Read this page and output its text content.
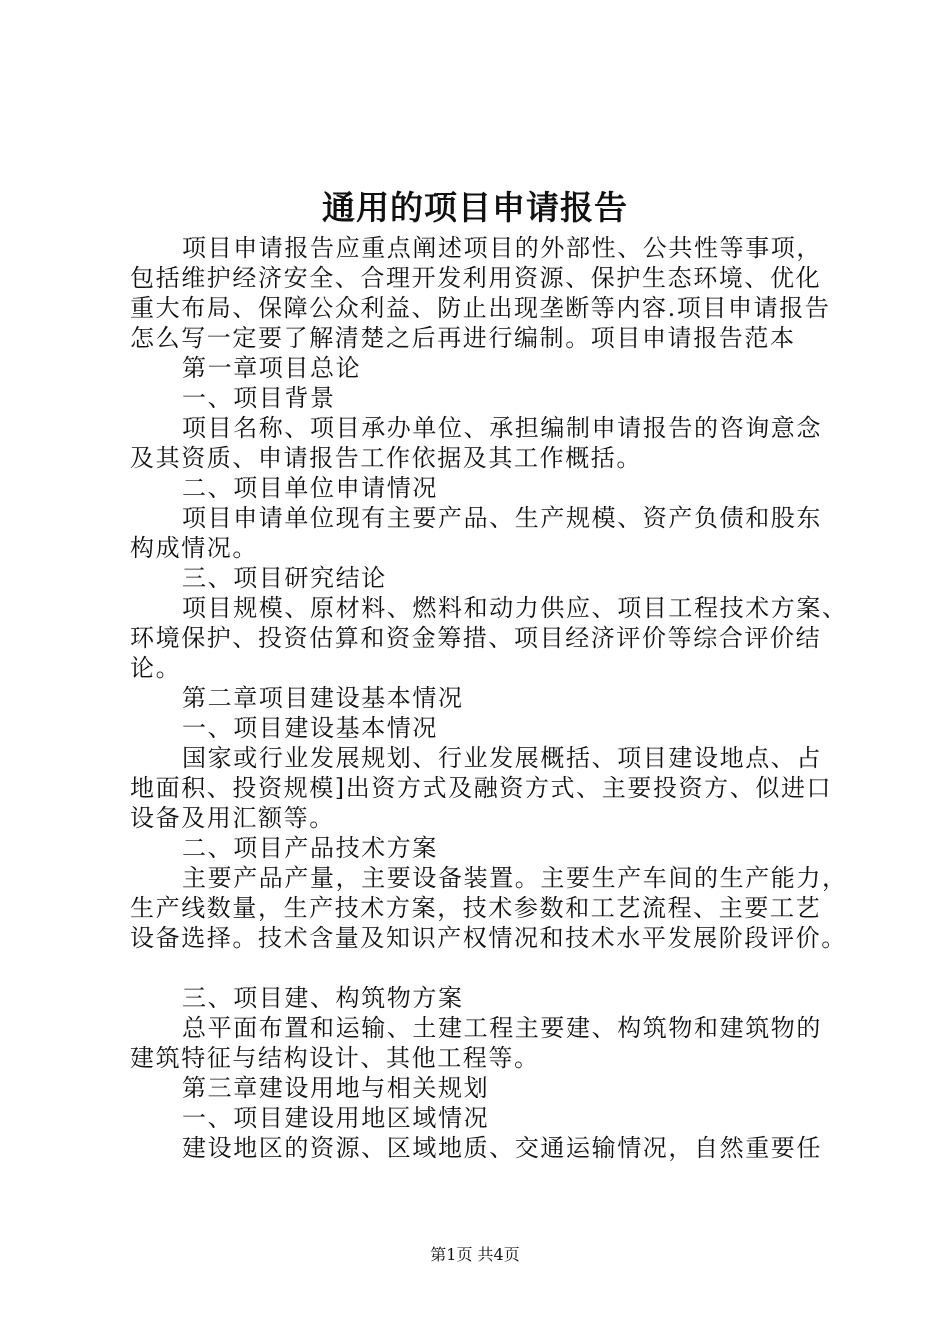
通用的项目申请报告
项目申请报告应重点阐述项目的外部性、公共性等事项，
包括维护经济安全、合理开发利用资源、保护生态环境、优化
重大布局、保障公众利益、防止出现垄断等内容.项目申请报告
怎么写一定要了解清楚之后再进行编制。项目申请报告范本
第一章项目总论
一、项目背景
项目名称、项目承办单位、承担编制申请报告的咨询意念
及其资质、申请报告工作依据及其工作概括。
二、项目单位申请情况
项目申请单位现有主要产品、生产规模、资产负债和股东
构成情况。
三、项目研究结论
项目规模、原材料、燃料和动力供应、项目工程技术方案、
环境保护、投资估算和资金筹措、项目经济评价等综合评价结
论。
第二章项目建设基本情况
一、项目建设基本情况
国家或行业发展规划、行业发展概括、项目建设地点、占
地面积、投资规模]出资方式及融资方式、主要投资方、似进口
设备及用汇额等。
二、项目产品技术方案
主要产品产量，主要设备装置。主要生产车间的生产能力，
生产线数量，生产技术方案，技术参数和工艺流程、主要工艺
设备选择。技术含量及知识产权情况和技术水平发展阶段评价。
三、项目建、构筑物方案
总平面布置和运输、土建工程主要建、构筑物和建筑物的
建筑特征与结构设计、其他工程等。
第三章建设用地与相关规划
一、项目建设用地区域情况
建设地区的资源、区域地质、交通运输情况，自然重要任
第1页 共4页
